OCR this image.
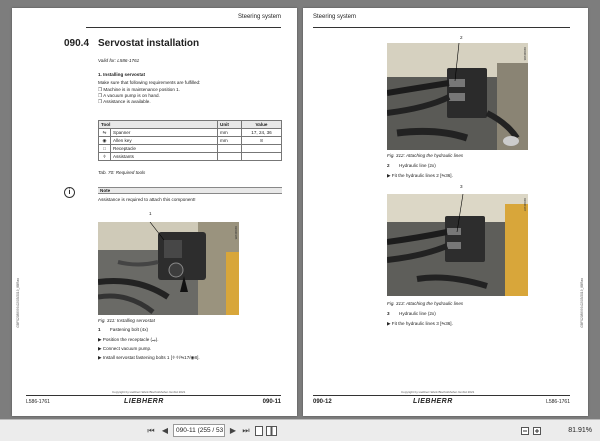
Steering system
090.4 Servostat installation
Valid for: L586-1761
1. Installing servostat
Make sure that following requirements are fulfilled:
❒ Machine is in maintenance position 1.
❒ A vacuum pump is on hand.
❒ Assistance is available.
Tool		Unit	Value
⇋	Spanner	mm	17, 24, 36
◉	Allen key	mm	8
□	Receptacle		
♱	Assistants		
Tab. 70: Required tools
i	Note
Assistance is required to attach this component!
1
02090305
Fig. 311: Installing servostat
1 Fastening bolt (4x)
▶ Position the receptacle (⭌).
▶ Connect vacuum pump.
▶ Install servostat fastening bolts 1 [♱♱/⇋17/◉8].
GBFS2089999-02/05/2019_8BRan
Copyright by Liebherr-Werk Bischofshofen GmbH 2021
L586-1761	LIEBHERR	090-11
Steering system
2
02090306
Fig. 312: Attaching the hydraulic lines
2 Hydraulic line (2x)
▶ Fit the hydraulic lines 2 [⇋36].
3
02090307
Fig. 313: Attaching the hydraulic lines
3 Hydraulic line (2x)
▶ Fit the hydraulic lines 3 [⇋36].	GBFS2089999-02/05/2019_8BRan
Copyright by Liebherr-Werk Bischofshofen GmbH 2021
090-12	LIEBHERR	L586-1761
⏮ ◀	090-11 (255 / 53 ▶ ⏭	81.91%
